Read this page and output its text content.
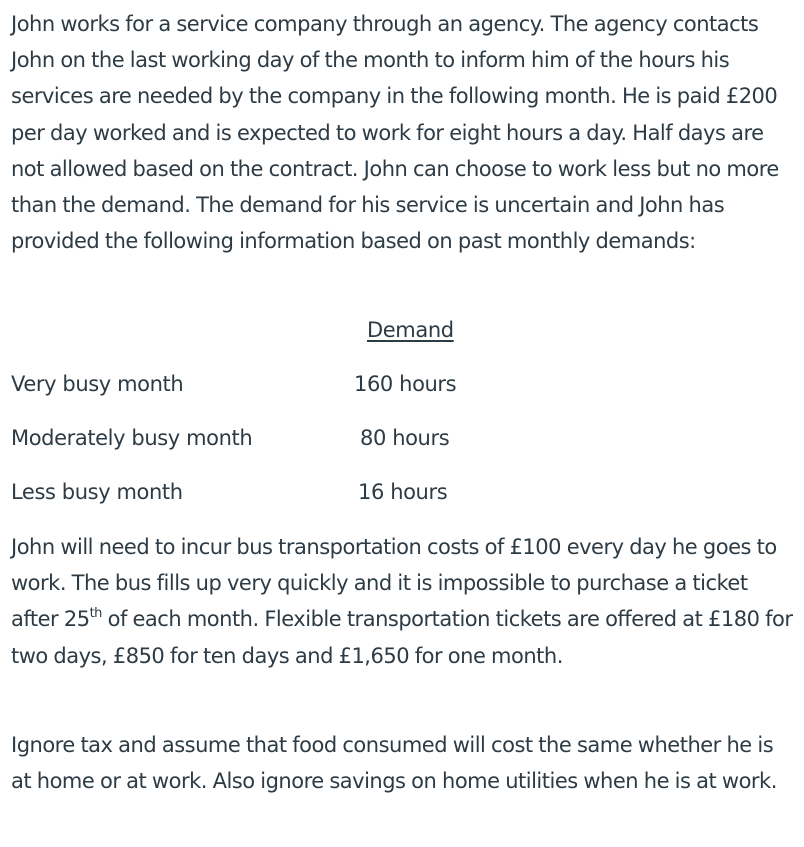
John works for a service company through an agency. The agency contacts John on the last working day of the month to inform him of the hours his services are needed by the company in the following month. He is paid £200 per day worked and is expected to work for eight hours a day. Half days are not allowed based on the contract. John can choose to work less but no more than the demand. The demand for his service is uncertain and John has provided the following information based on past monthly demands:

Demand
Very busy month	160 hours
Moderately busy month	80 hours
Less busy month	16 hours

John will need to incur bus transportation costs of £100 every day he goes to work. The bus fills up very quickly and it is impossible to purchase a ticket after 25th of each month. Flexible transportation tickets are offered at £180 for two days, £850 for ten days and £1,650 for one month.

Ignore tax and assume that food consumed will cost the same whether he is at home or at work. Also ignore savings on home utilities when he is at work.
